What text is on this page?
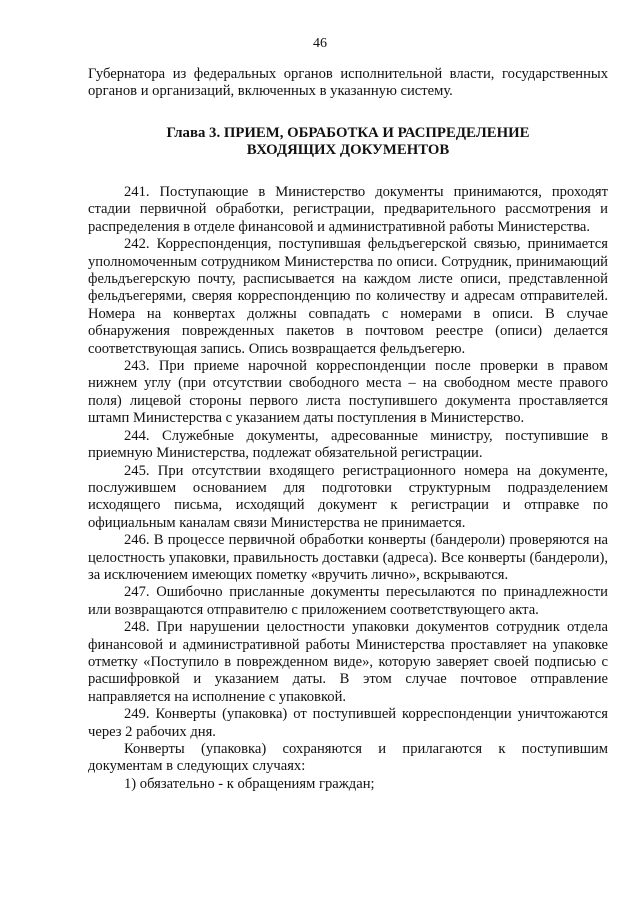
46

Губернатора из федеральных органов исполнительной власти, государственных органов и организаций, включенных в указанную систему.

Глава 3. ПРИЕМ, ОБРАБОТКА И РАСПРЕДЕЛЕНИЕ
ВХОДЯЩИХ ДОКУМЕНТОВ

241. Поступающие в Министерство документы принимаются, проходят стадии первичной обработки, регистрации, предварительного рассмотрения и распределения в отделе финансовой и административной работы Министерства.

242. Корреспонденция, поступившая фельдъегерской связью, принимается уполномоченным сотрудником Министерства по описи. Сотрудник, принимающий фельдъегерскую почту, расписывается на каждом листе описи, представленной фельдъегерями, сверяя корреспонденцию по количеству и адресам отправителей. Номера на конвертах должны совпадать с номерами в описи. В случае обнаружения поврежденных пакетов в почтовом реестре (описи) делается соответствующая запись. Опись возвращается фельдъегерю.

243. При приеме нарочной корреспонденции после проверки в правом нижнем углу (при отсутствии свободного места – на свободном месте правого поля) лицевой стороны первого листа поступившего документа проставляется штамп Министерства с указанием даты поступления в Министерство.

244. Служебные документы, адресованные министру, поступившие в приемную Министерства, подлежат обязательной регистрации.

245. При отсутствии входящего регистрационного номера на документе, послужившем основанием для подготовки структурным подразделением исходящего письма, исходящий документ к регистрации и отправке по официальным каналам связи Министерства не принимается.

246. В процессе первичной обработки конверты (бандероли) проверяются на целостность упаковки, правильность доставки (адреса). Все конверты (бандероли), за исключением имеющих пометку «вручить лично», вскрываются.

247. Ошибочно присланные документы пересылаются по принадлежности или возвращаются отправителю с приложением соответствующего акта.

248. При нарушении целостности упаковки документов сотрудник отдела финансовой и административной работы Министерства проставляет на упаковке отметку «Поступило в поврежденном виде», которую заверяет своей подписью с расшифровкой и указанием даты. В этом случае почтовое отправление направляется на исполнение с упаковкой.

249. Конверты (упаковка) от поступившей корреспонденции уничтожаются через 2 рабочих дня.

Конверты (упаковка) сохраняются и прилагаются к поступившим документам в следующих случаях:

1) обязательно - к обращениям граждан;
